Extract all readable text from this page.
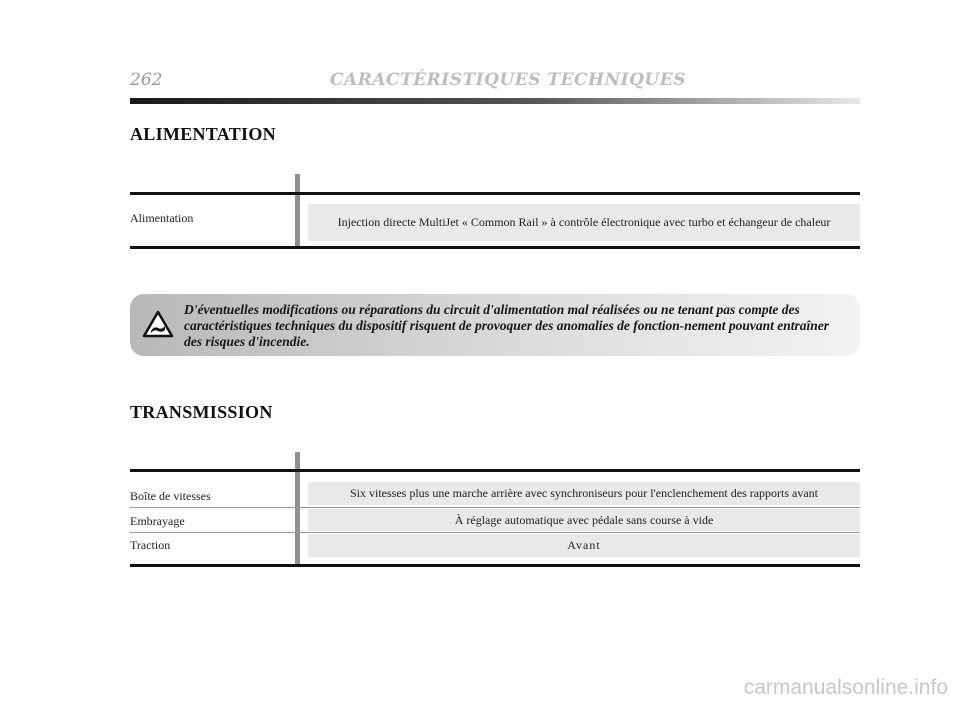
262	CARACTÉRISTIQUES TECHNIQUES
ALIMENTATION
Alimentation	Injection directe MultiJet « Common Rail » à contrôle électronique avec turbo et échangeur de chaleur
D'éventuelles modifications ou réparations du circuit d'alimentation mal réalisées ou ne tenant pas compte des caractéristiques techniques du dispositif risquent de provoquer des anomalies de fonction-nement pouvant entraîner des risques d'incendie.
TRANSMISSION
Boîte de vitesses	Six vitesses plus une marche arrière avec synchroniseurs pour l'enclenchement des rapports avant
Embrayage	À réglage automatique avec pédale sans course à vide
Traction	Avant
carmanualsonline.info
